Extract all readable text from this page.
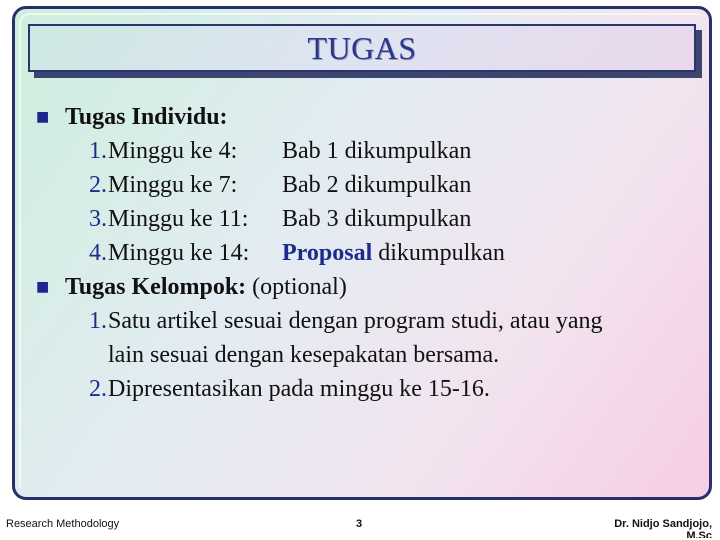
TUGAS
■ Tugas Individu:
1. Minggu ke 4: Bab 1 dikumpulkan
2. Minggu ke 7: Bab 2 dikumpulkan
3. Minggu ke 11: Bab 3 dikumpulkan
4. Minggu ke 14: Proposal dikumpulkan
■ Tugas Kelompok: (optional)
1. Satu artikel sesuai dengan program studi, atau yang
lain sesuai dengan kesepakatan bersama.
2. Dipresentasikan pada minggu ke 15-16.
Research Methodology	3	Dr. Nidjo Sandjojo,
M.Sc
